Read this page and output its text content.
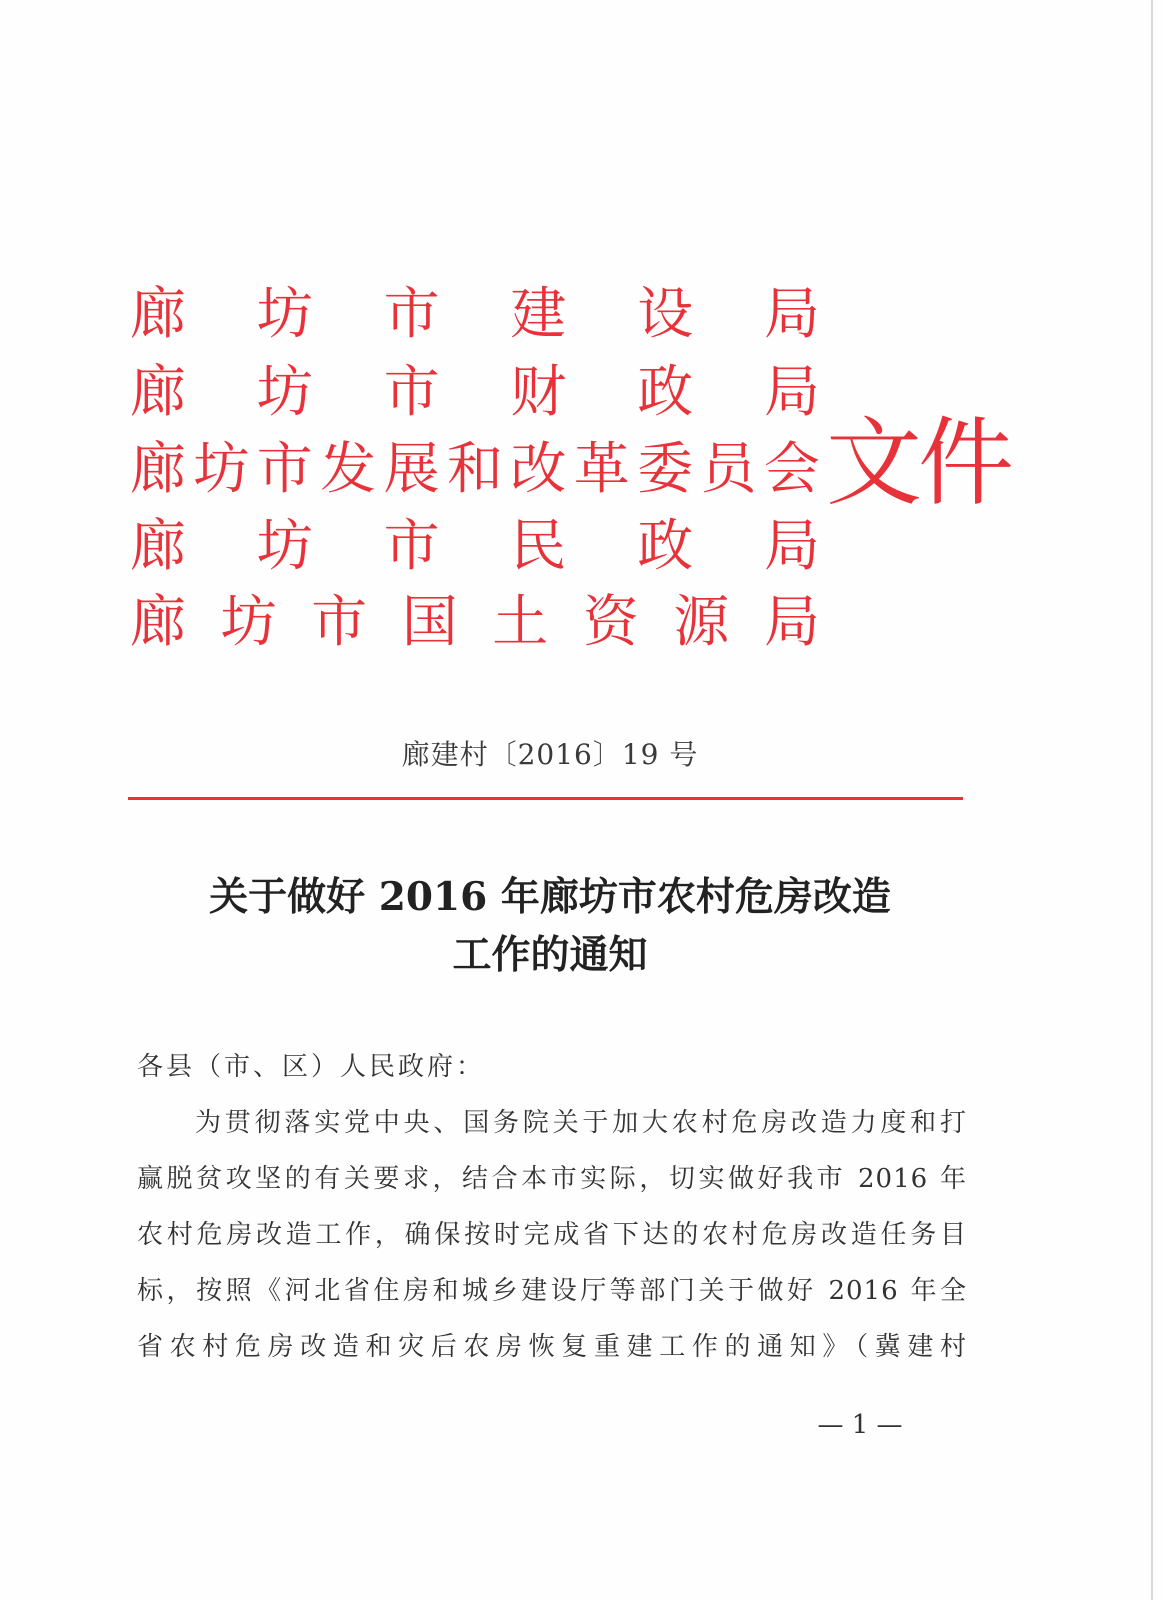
廊 坊 市 建 设 局
廊 坊 市 财 政 局
廊 坊 市 发 展 和 改 革 委 员 会
廊 坊 市 民 政 局
廊 坊 市 国 土 资 源 局
文件
廊建村〔2016〕19 号
关于做好 2016 年廊坊市农村危房改造
工作的通知
各县（市、区）人民政府：
为贯彻落实党中央、国务院关于加大农村危房改造力度和打
赢脱贫攻坚的有关要求，结合本市实际，切实做好我市 2016 年
农村危房改造工作，确保按时完成省下达的农村危房改造任务目
标，按照《河北省住房和城乡建设厅等部门关于做好 2016 年全
省农村危房改造和灾后农房恢复重建工作的通知》（冀建村
— 1 —
